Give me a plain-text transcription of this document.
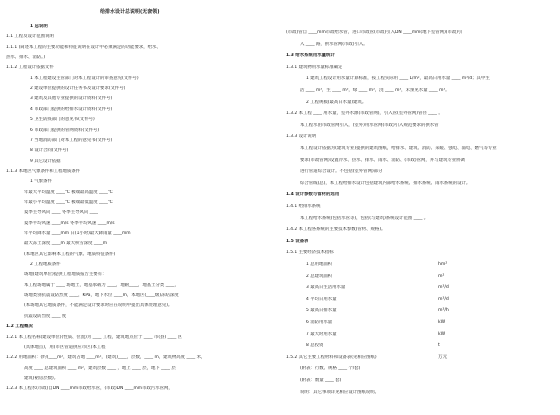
给排水设计总说明(无套领)
1 总说明
1.1 工程及设计范围说明
1.1.1 (简述本工程的主要功能和特征说明在设计中必须满足的功能要求，给水、
热水、排水、消防。)
1.1.2 工程设计依据文件
1 本工程建设主管部门对本工程设计的审查意见(文件号)
2 建设单位提供的设计任务书及设计要求(文件号)
3 建筑及其他专业提供的设计资料(文件号)
4 市政部门提供的给排水设计资料(文件号)
5 卫生防疫部门的意见书(文件号)
6 市政部门提供的管网资料(文件号)
7 当地消防部门对本工程的意见书(文件号)
8 设计合同(文件号)
9 其它设计依据
1.1.3 本地区气象条件和工程地质条件
1 气象条件
年最大平均温度 ____℃ 极端最高温度 ____℃
年最小平均温度 ____℃ 极端最低温度 ____℃
夏季主导风向 ____ 冬季主导风向 ____
夏季平均风速 ____m/s 冬季平均风速 ____m/s
年平均降水量 ____mm 日(1小时)最大降雨量 ____mm
最大冻土深度 ____m 最大积雪深度 ____m
(本地区其它影响本工程的气象、地质特征条件)
2 工程地质条件
场地(建筑单位)提供工程地质报告主要有：
本工程场地属于 ____ 场地土，地基承载力 ____，地耐____，地基土分类 ____，
场地类别抗震设防烈度 ____，KPa，地下水位 ____m，本地区(____级)冻结深度
(本场地其它地质条件，不能满足设计要求时应在说明中提出具体处理意见)。
抗震设防烈度 ____ 度
1.2 工程概况
1.2.1 本工程名称(建设单位)(性质、位置)为 ____ 工程，建筑地点位于 ____ 市(县) ____ 区
(具体地点)，用(市区管道供应市区)本工程
1.2.2 用地面积：(约)____m²，建筑占地 ____m²，(建筑)____，层数，____ m，建筑物高度 ____ 米，
高度 ____ 总建筑面积 ____ m²，建筑层数 ____ ，地上 ____ 层，地下 ____ 层
建筑(裙房层数)。
1.2.3 本工程水(市政)自DN ____mm市政给水管，(市政)DN ____mm市政污水管网，
(市政)管自 ____mm市政给水管，进口市政管(市政)引入DN ____mm(地下室管网)(市政)引
入 ____ 路，供水管网(市政)引入。
1.3 给水系统用水量统计
1.3.1 建筑物用水量标准确定
1 建筑工程设计用水量计算标准，按工程实际用 ____ L/m²，最高日用水量 ____ m³/d；其中生
活 ____ m³，生 ____ m³，绿 ____ m³，浇 ____ m³，未预见水量 ____ m³。
2 工程规模(最高日水量)建筑。
1.3.2 本工程 ____ 用水量，室外水源(市政管网)，引入管(室外管网)管径 ____ 。
本工程水由市政管网引入，(室外)用水管网(市政)引入规范要求的供水管
1.3.3 设计说明
本工程设计依据为(建筑专业)提供的建筑图纸，给排水、建筑、消防、采暖、强电、弱电、燃气等专业
要求(市政管网)设置冷水、热水、排水、雨水、消防、(市政)管网，并与建筑专业协调
进行管道综合设计。不包括(室外管网)部分
综合管线(总)，本工程给排水设计包括建筑内部给水系统、排水系统、雨水系统的设计。
1.4 设计参数与管材的选用
1.4.1 给排水系统
本工程给水系统(包括水管等)，包括(与建筑)系统设计范围 ____ 。
1.4.2 本工程各系统的主要技术参数(管材、规格)。
1.5 设备表
1.5.1 主要经济技术指标
1 总用地面积
2 总建筑面积
3 最高日生活用水量
4 平均日用水量
5 最高日排水量
6 消防用水量
7 最大时用水量
8 总投资
1.5.2 其它主要工程材料和设备表(见相应图纸)
(附表：行数、规格 ____ 个/套)
(附表：数量 ____ 套)
说明：其它事项详见相应设计图纸说明。
hm²
m²
m³/d
m³/d
m³/h
kW
kW
t
万元
